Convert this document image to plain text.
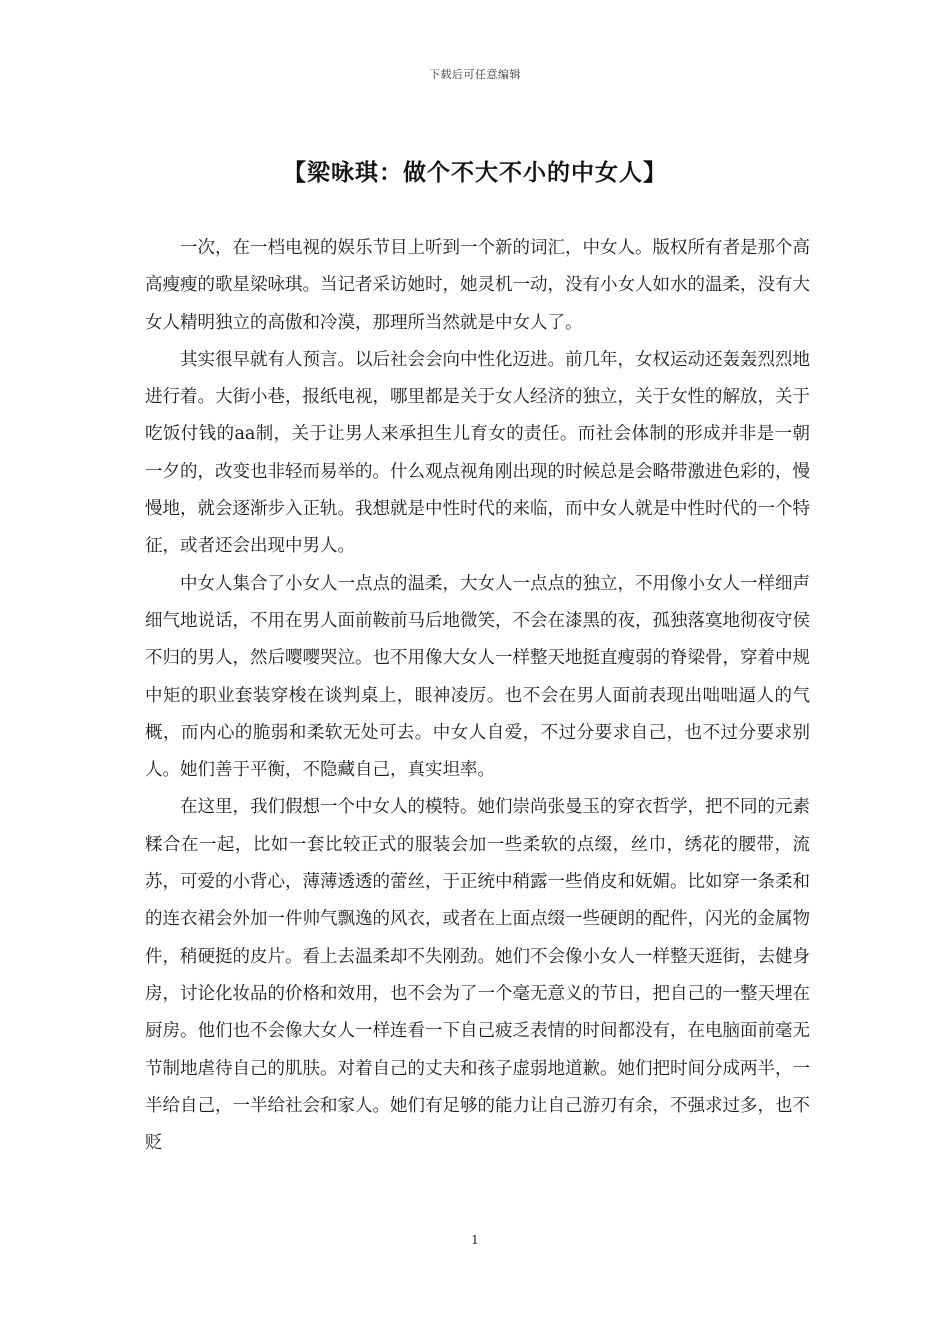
下载后可任意编辑
【梁咏琪：做个不大不小的中女人】

一次，在一档电视的娱乐节目上听到一个新的词汇，中女人。版权所有者是那个高高瘦瘦的歌星梁咏琪。当记者采访她时，她灵机一动，没有小女人如水的温柔，没有大女人精明独立的高傲和冷漠，那理所当然就是中女人了。

其实很早就有人预言。以后社会会向中性化迈进。前几年，女权运动还轰轰烈烈地进行着。大街小巷，报纸电视，哪里都是关于女人经济的独立，关于女性的解放，关于吃饭付钱的aa制，关于让男人来承担生儿育女的责任。而社会体制的形成并非是一朝一夕的，改变也非轻而易举的。什么观点视角刚出现的时候总是会略带激进色彩的，慢慢地，就会逐渐步入正轨。我想就是中性时代的来临，而中女人就是中性时代的一个特征，或者还会出现中男人。

中女人集合了小女人一点点的温柔，大女人一点点的独立，不用像小女人一样细声细气地说话，不用在男人面前鞍前马后地微笑，不会在漆黑的夜，孤独落寞地彻夜守侯不归的男人，然后嘤嘤哭泣。也不用像大女人一样整天地挺直瘦弱的脊梁骨，穿着中规中矩的职业套装穿梭在谈判桌上，眼神凌厉。也不会在男人面前表现出咄咄逼人的气概，而内心的脆弱和柔软无处可去。中女人自爱，不过分要求自己，也不过分要求别人。她们善于平衡，不隐藏自己，真实坦率。

在这里，我们假想一个中女人的模特。她们崇尚张曼玉的穿衣哲学，把不同的元素糅合在一起，比如一套比较正式的服装会加一些柔软的点缀，丝巾，绣花的腰带，流苏，可爱的小背心，薄薄透透的蕾丝，于正统中稍露一些俏皮和妩媚。比如穿一条柔和的连衣裙会外加一件帅气飘逸的风衣，或者在上面点缀一些硬朗的配件，闪光的金属物件，稍硬挺的皮片。看上去温柔却不失刚劲。她们不会像小女人一样整天逛街，去健身房，讨论化妆品的价格和效用，也不会为了一个毫无意义的节日，把自己的一整天埋在厨房。他们也不会像大女人一样连看一下自己疲乏表情的时间都没有，在电脑面前毫无节制地虐待自己的肌肤。对着自己的丈夫和孩子虚弱地道歉。她们把时间分成两半，一半给自己，一半给社会和家人。她们有足够的能力让自己游刃有余，不强求过多，也不贬

1
